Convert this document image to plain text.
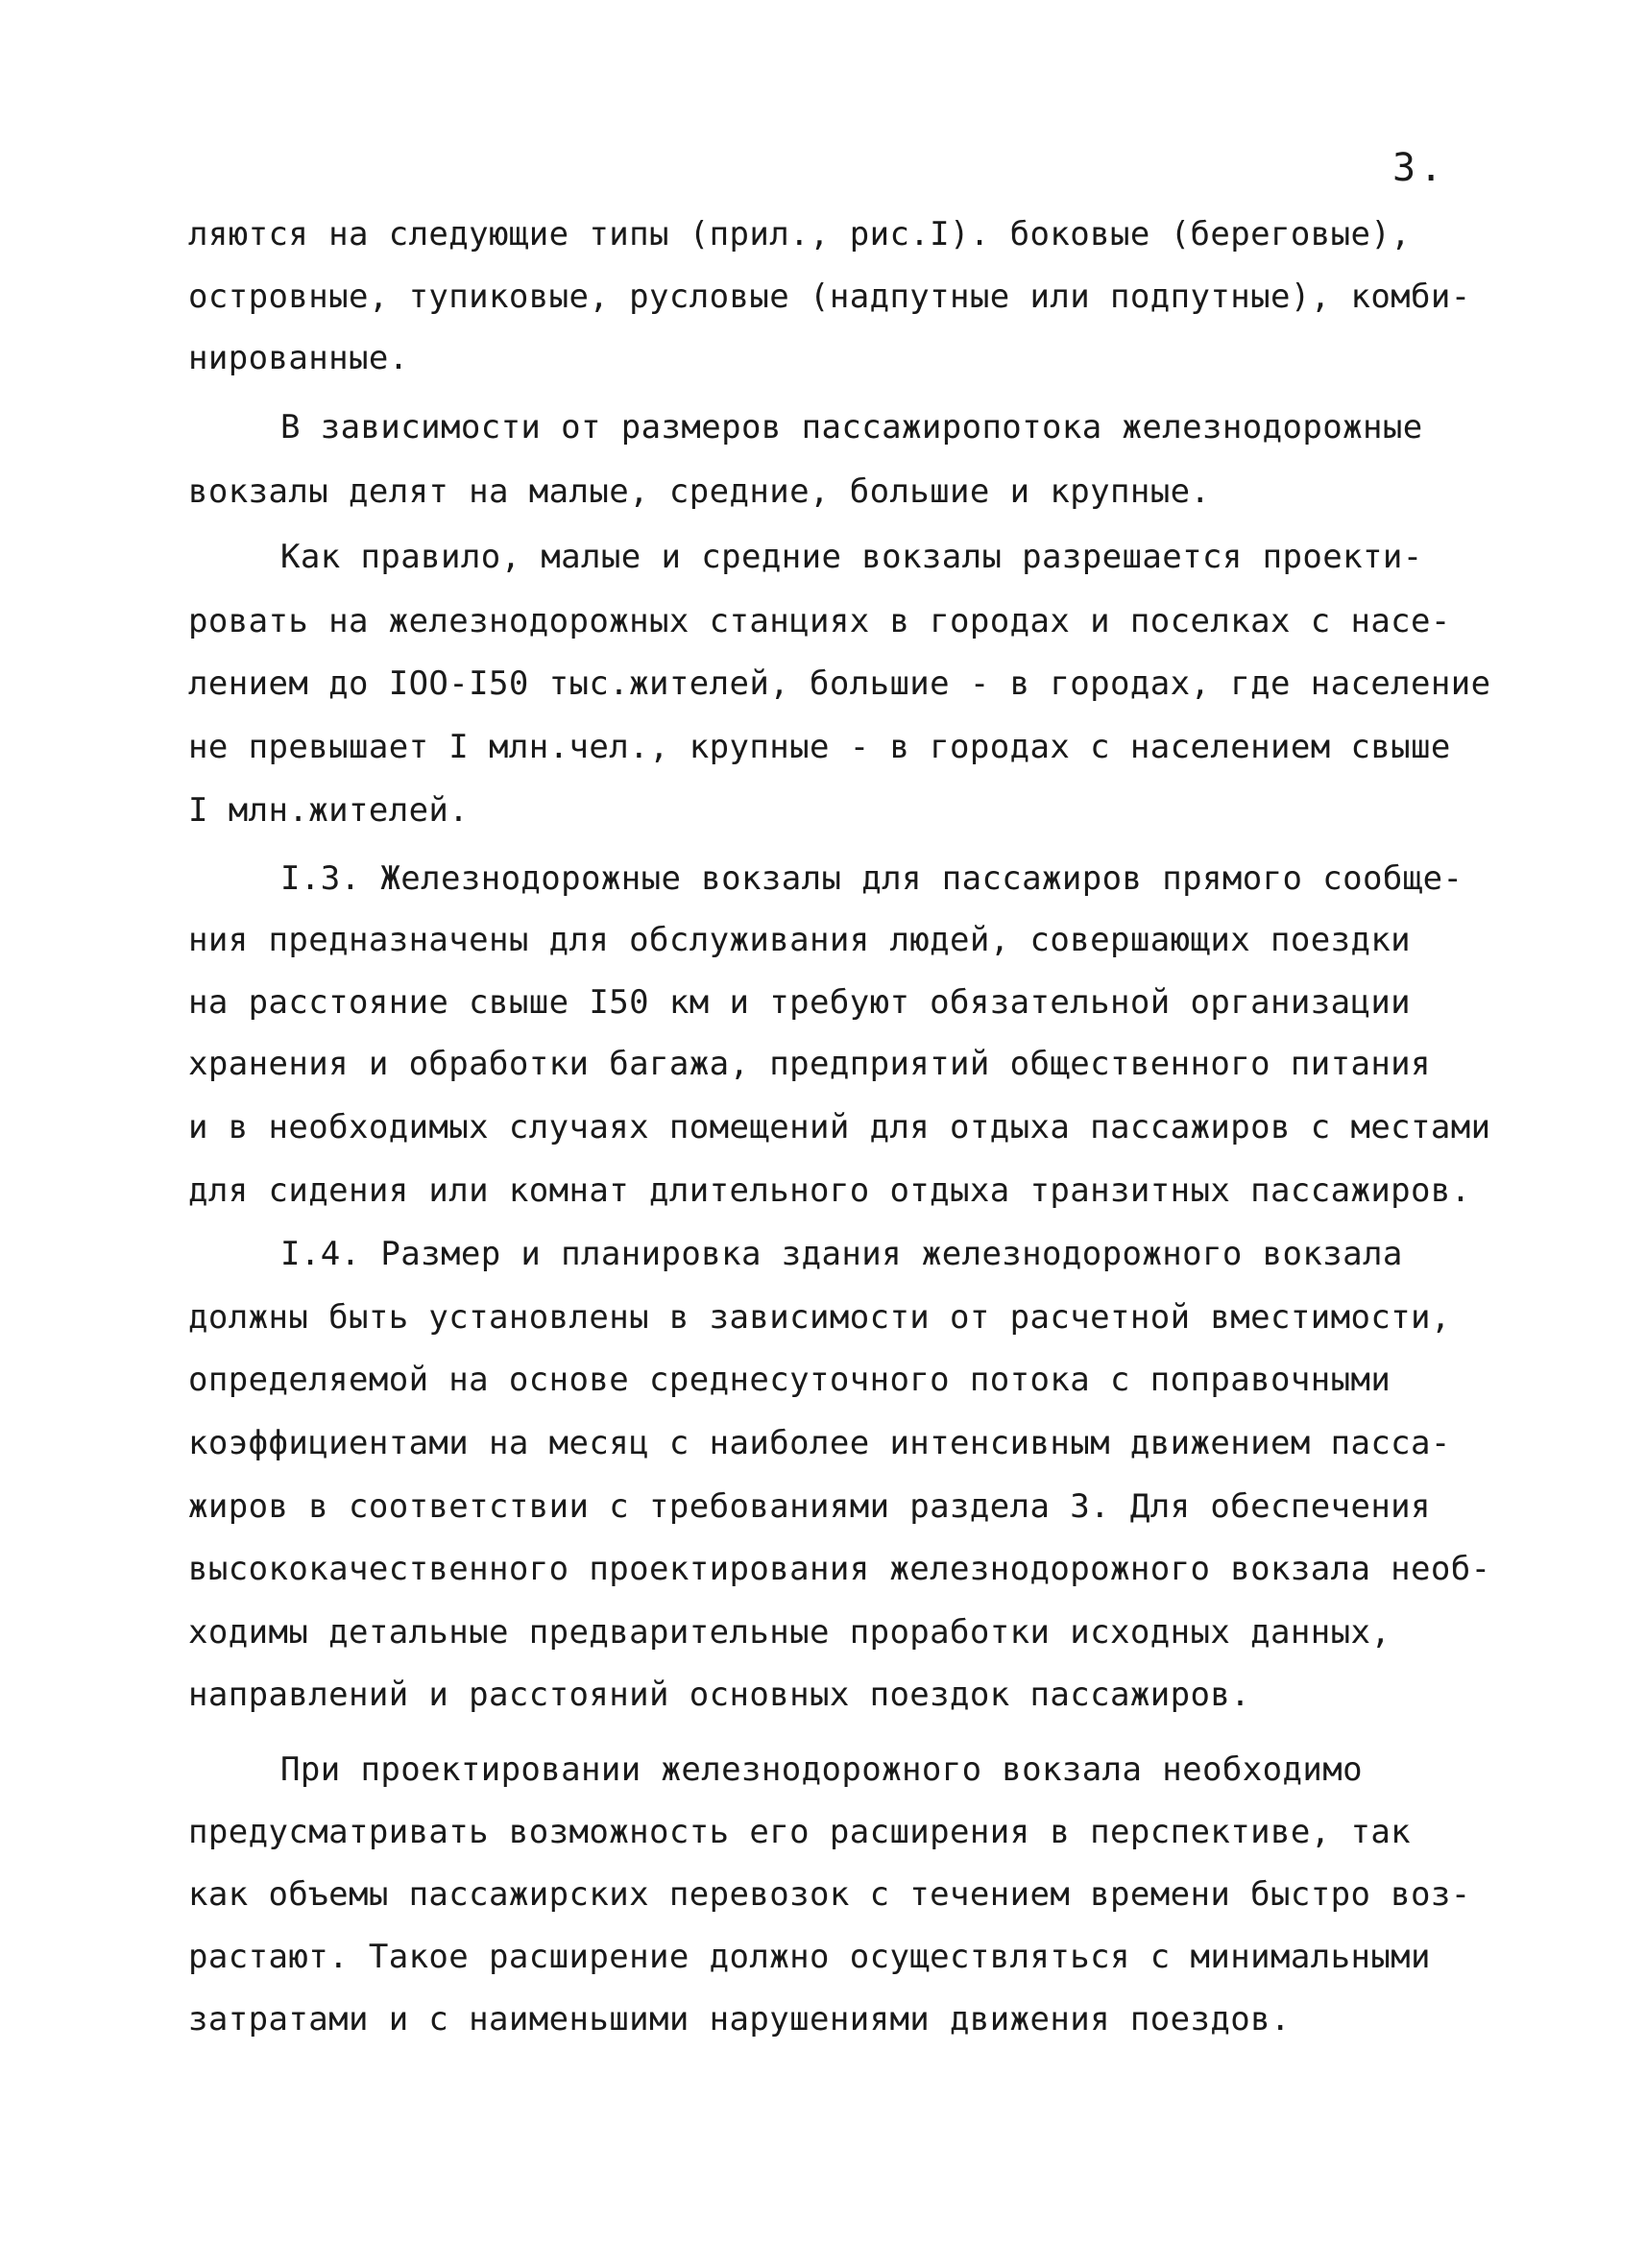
3.
ляются на следующие типы (прил., рис.I). боковые (береговые),
островные, тупиковые, русловые (надпутные или подпутные), комби-
нированные.
В зависимости от размеров пассажиропотока железнодорожные
вокзалы делят на малые, средние, большие и крупные.
Как правило, малые и средние вокзалы разрешается проекти-
ровать на железнодорожных станциях в городах и поселках с насе-
лением до IOO-I50 тыс.жителей, большие - в городах, где население
не превышает I млн.чел., крупные - в городах с населением свыше
I млн.жителей.
I.3. Железнодорожные вокзалы для пассажиров прямого сообще-
ния предназначены для обслуживания людей, совершающих поездки
на расстояние свыше I50 км и требуют обязательной организации
хранения и обработки багажа, предприятий общественного питания
и в необходимых случаях помещений для отдыха пассажиров с местами
для сидения или комнат длительного отдыха транзитных пассажиров.
I.4. Размер и планировка здания железнодорожного вокзала
должны быть установлены в зависимости от расчетной вместимости,
определяемой на основе среднесуточного потока с поправочными
коэффициентами на месяц с наиболее интенсивным движением пасса-
жиров в соответствии с требованиями раздела 3. Для обеспечения
высококачественного проектирования железнодорожного вокзала необ-
ходимы детальные предварительные проработки исходных данных,
направлений и расстояний основных поездок пассажиров.
При проектировании железнодорожного вокзала необходимо
предусматривать возможность его расширения в перспективе, так
как объемы пассажирских перевозок с течением времени быстро воз-
растают. Такое расширение должно осуществляться с минимальными
затратами и с наименьшими нарушениями движения поездов.
